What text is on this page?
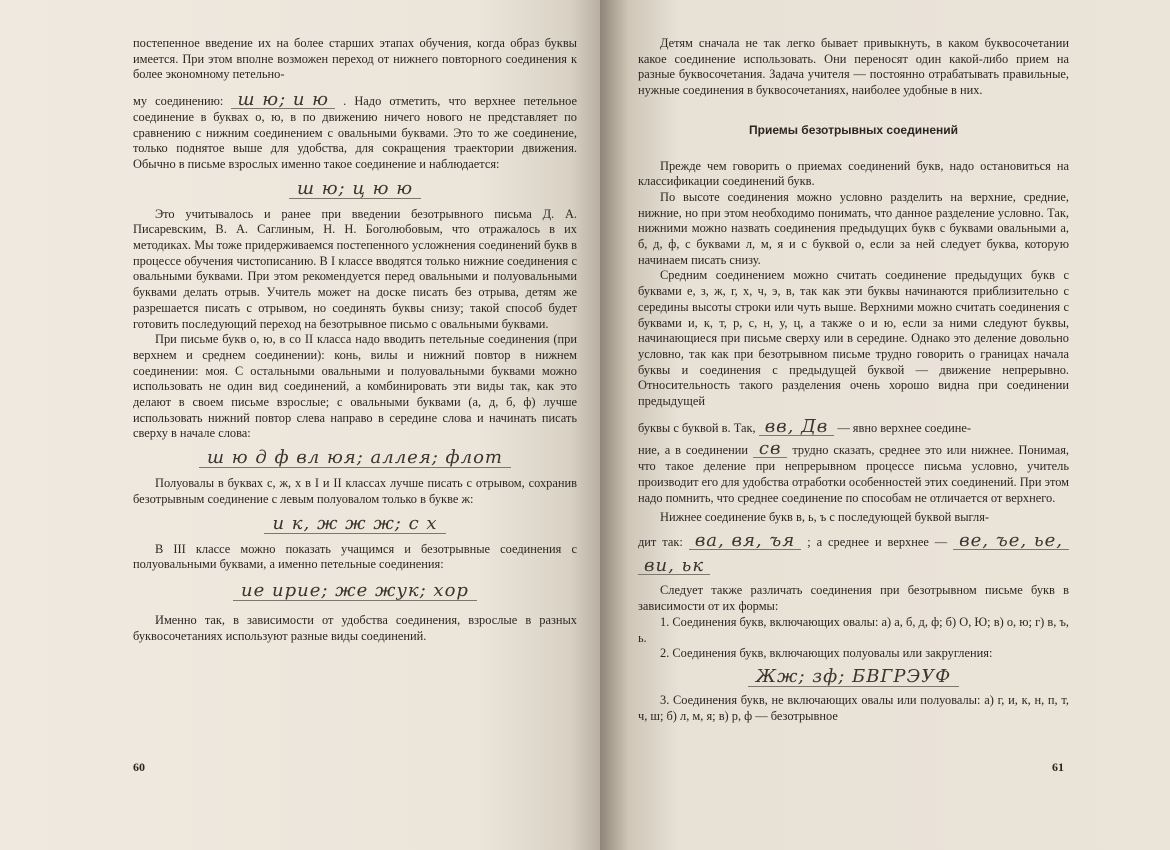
постепенное введение их на более старших этапах обучения, когда образ буквы имеется. При этом вполне возможен переход от нижнего повторного соединения к более экономному петельно-

му соединению: ш ю; и ю . Надо отметить, что верхнее петельное соединение в буквах о, ю, в по движению ничего нового не представляет по сравнению с нижним соединением с овальными буквами. Это то же соединение, только поднятое выше для удобства, для сокращения траектории движения. Обычно в письме взрослых именно такое соединение и наблюдается:

ш ю; ц ю ю

Это учитывалось и ранее при введении безотрывного письма Д. А. Писаревским, В. А. Саглиным, Н. Н. Боголюбовым, что отражалось в их методиках. Мы тоже придерживаемся постепенного усложнения соединений букв в процессе обучения чистописанию. В I классе вводятся только нижние соединения с овальными буквами. При этом рекомендуется перед овальными и полуовальными буквами делать отрыв. Учитель может на доске писать без отрыва, детям же разрешается писать с отрывом, но соединять буквы снизу; такой способ будет готовить последующий переход на безотрывное письмо с овальными буквами.

При письме букв о, ю, в со II класса надо вводить петельные соединения (при верхнем и среднем соединении): конь, вилы и нижний повтор в нижнем соединении: моя. С остальными овальными и полуовальными буквами можно использовать не один вид соединений, а комбинировать эти виды так, как это делают в своем письме взрослые; с овальными буквами (а, д, б, ф) лучше использовать нижний повтор слева направо в середине слова и начинать писать сверху в начале слова:

ш ю д ф вл юя; аллея; флот

Полуовалы в буквах с, ж, х в I и II классах лучше писать с отрывом, сохранив безотрывным соединение с левым полуовалом только в букве ж:

и к, ж ж ж; с х

В III классе можно показать учащимся и безотрывные соединения с полуовальными буквами, а именно петельные соединения:

ие ирие; же жук; хор

Именно так, в зависимости от удобства соединения, взрослые в разных буквосочетаниях используют разные виды соединений.

60

Детям сначала не так легко бывает привыкнуть, в каком буквосочетании какое соединение использовать. Они переносят один какой-либо прием на разные буквосочетания. Задача учителя — постоянно отрабатывать правильные, нужные соединения в буквосочетаниях, наиболее удобные в них.

Приемы безотрывных соединений

Прежде чем говорить о приемах соединений букв, надо остановиться на классификации соединений букв.

По высоте соединения можно условно разделить на верхние, средние, нижние, но при этом необходимо понимать, что данное разделение условно. Так, нижними можно назвать соединения предыдущих букв с буквами овальными а, б, д, ф, с буквами л, м, я и с буквой о, если за ней следует буква, которую начинаем писать снизу.

Средним соединением можно считать соединение предыдущих букв с буквами е, з, ж, г, х, ч, э, в, так как эти буквы начинаются приблизительно с середины высоты строки или чуть выше. Верхними можно считать соединения с буквами и, к, т, р, с, н, у, ц, а также о и ю, если за ними следуют буквы, начинающиеся при письме сверху или в середине. Однако это деление довольно условно, так как при безотрывном письме трудно говорить о границах начала буквы и соединения с предыдущей буквой — движение непрерывно. Относительность такого разделения очень хорошо видна при соединении предыдущей

буквы с буквой в. Так, вв, Дв — явно верхнее соедине-

ние, а в соединении св трудно сказать, среднее это или нижнее. Понимая, что такое деление при непрерывном процессе письма условно, учитель производит его для удобства отработки особенностей этих соединений. При этом надо помнить, что среднее соединение по способам не отличается от верхнего.

Нижнее соединение букв в, ь, ъ с последующей буквой выгля-

дит так: ва, вя, ъя ; а среднее и верхнее — ве, ъе, ье, ви, ьк

Следует также различать соединения при безотрывном письме букв в зависимости от их формы:

1. Соединения букв, включающих овалы: а) а, б, д, ф; б) О, Ю; в) о, ю; г) в, ъ, ь.

2. Соединения букв, включающих полуовалы или закругления:

Жж; зф; БВГРЭУФ

3. Соединения букв, не включающих овалы или полуовалы: а) г, и, к, н, п, т, ч, ш; б) л, м, я; в) р, ф — безотрывное

61
